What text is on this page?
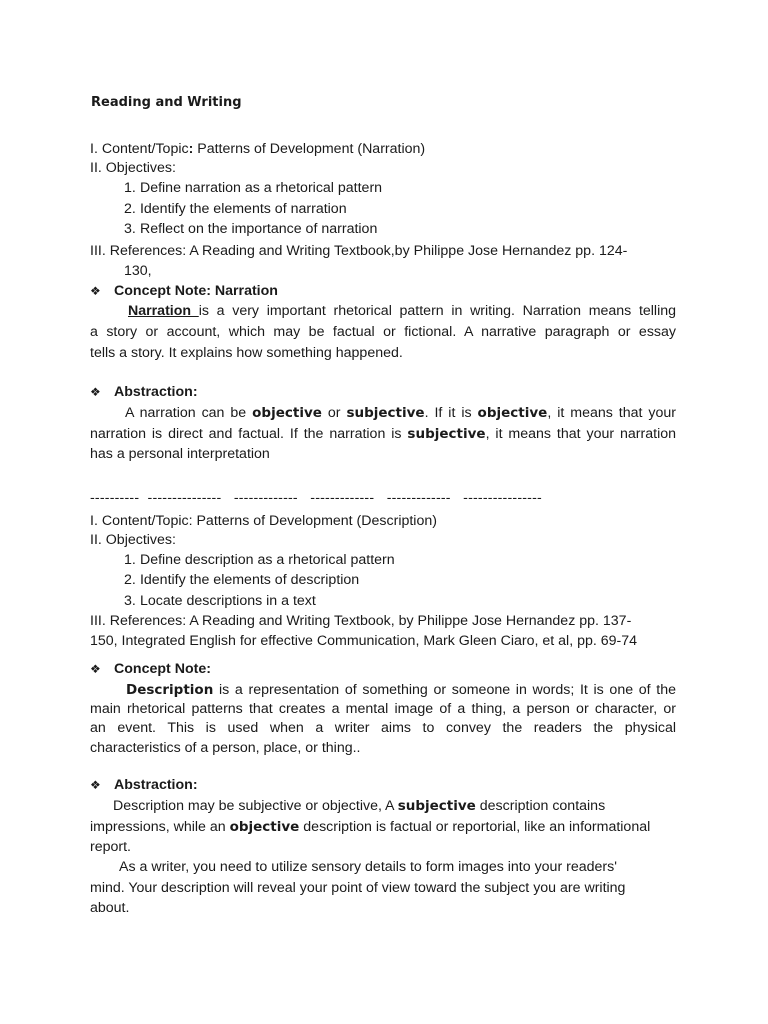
Reading and Writing
I. Content/Topic: Patterns of Development (Narration)
II. Objectives:
1. Define narration as a rhetorical pattern
2. Identify the elements of narration
3. Reflect on the importance of narration
III. References: A Reading and Writing Textbook,by Philippe Jose Hernandez pp. 124-
130,
❖ Concept Note: Narration
Narration is a very important rhetorical pattern in writing. Narration means telling
a story or account, which may be factual or fictional. A narrative paragraph or essay
tells a story. It explains how something happened.
❖ Abstraction:
A narration can be objective or subjective. If it is objective, it means that your
narration is direct and factual. If the narration is subjective, it means that your narration
has a personal interpretation
----------  ---------------   -------------   -------------   -------------   ----------------
I. Content/Topic: Patterns of Development (Description)
II. Objectives:
1. Define description as a rhetorical pattern
2. Identify the elements of description
3. Locate descriptions in a text
III. References: A Reading and Writing Textbook, by Philippe Jose Hernandez pp. 137-
150, Integrated English for effective Communication, Mark Gleen Ciaro, et al, pp. 69-74
❖ Concept Note:
Description is a representation of something or someone in words; It is one of the
main rhetorical patterns that creates a mental image of a thing, a person or character, or
an event. This is used when a writer aims to convey the readers the physical
characteristics of a person, place, or thing..
❖ Abstraction:
Description may be subjective or objective, A subjective description contains
impressions, while an objective description is factual or reportorial, like an informational
report.
As a writer, you need to utilize sensory details to form images into your readers'
mind. Your description will reveal your point of view toward the subject you are writing
about.
